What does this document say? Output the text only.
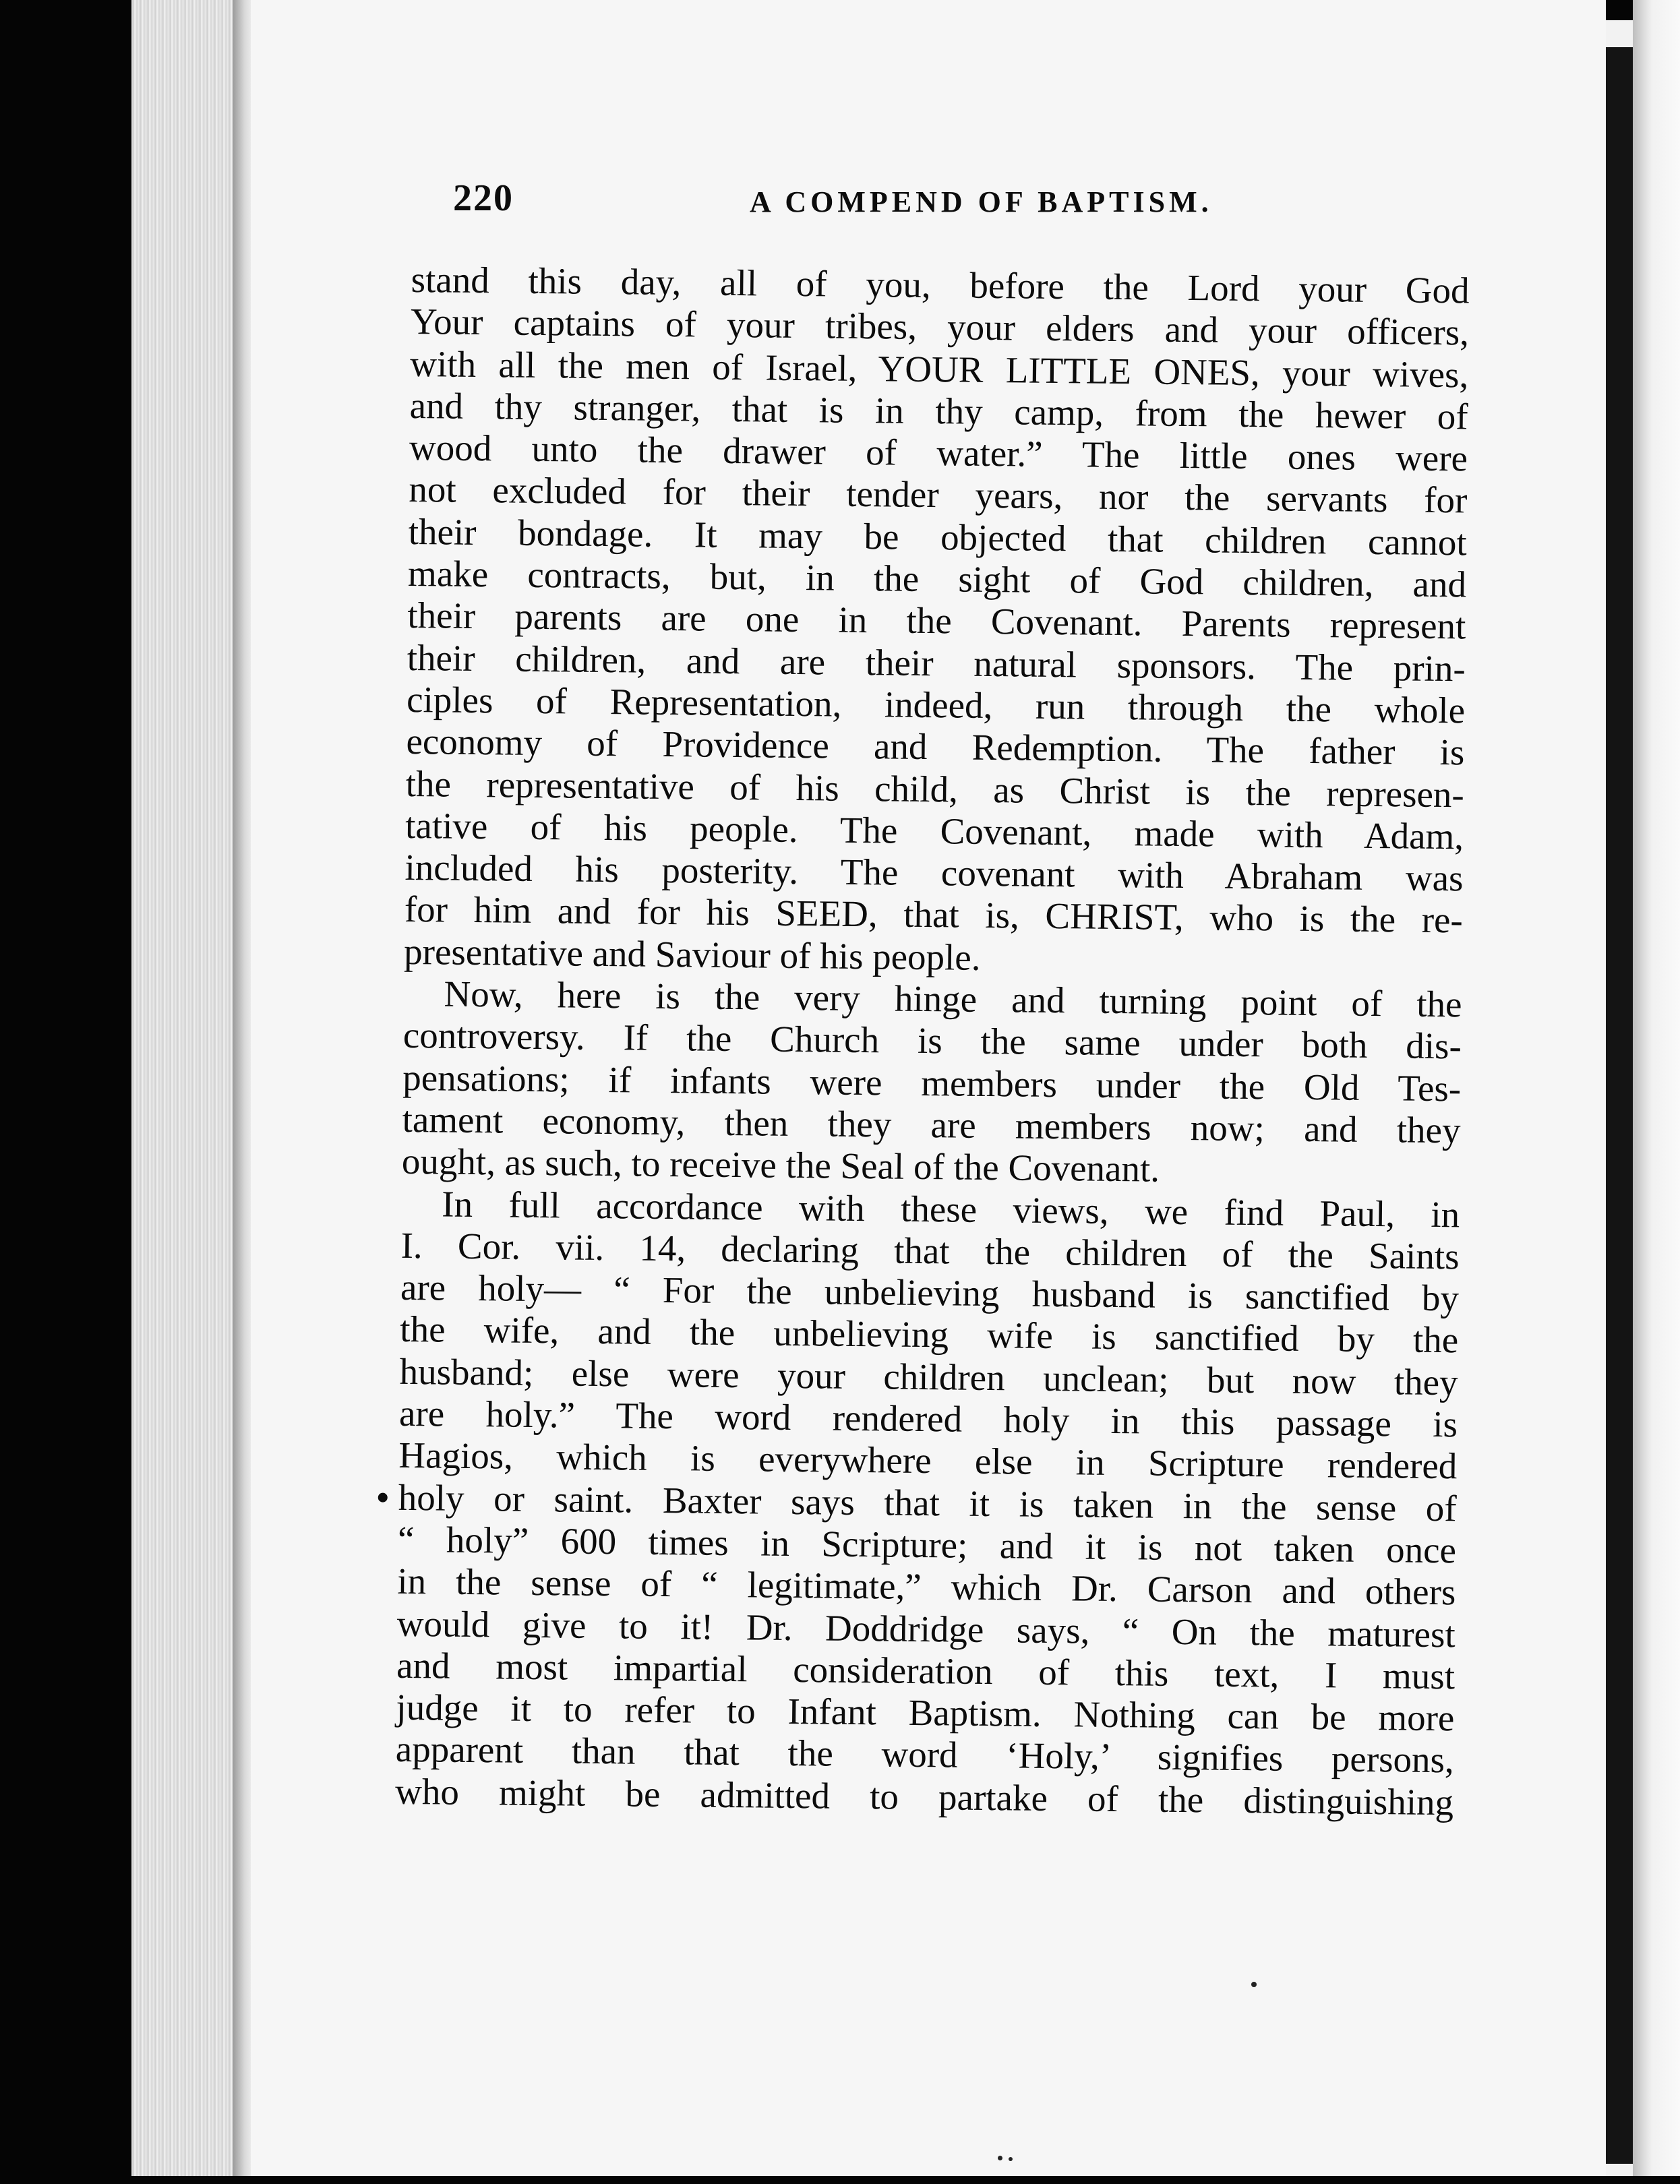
220	A COMPEND OF BAPTISM.
stand this day, all of you, before the Lord your God
Your captains of your tribes, your elders and your officers,
with all the men of Israel, YOUR LITTLE ONES, your wives,
and thy stranger, that is in thy camp, from the hewer of
wood unto the drawer of water.” The little ones were
not excluded for their tender years, nor the servants for
their bondage. It may be objected that children cannot
make contracts, but, in the sight of God children, and
their parents are one in the Covenant. Parents represent
their children, and are their natural sponsors. The prin-
ciples of Representation, indeed, run through the whole
economy of Providence and Redemption. The father is
the representative of his child, as Christ is the represen-
tative of his people. The Covenant, made with Adam,
included his posterity. The covenant with Abraham was
for him and for his SEED, that is, CHRIST, who is the re-
presentative and Saviour of his people.
Now, here is the very hinge and turning point of the
controversy. If the Church is the same under both dis-
pensations; if infants were members under the Old Tes-
tament economy, then they are members now; and they
ought, as such, to receive the Seal of the Covenant.
In full accordance with these views, we find Paul, in
I. Cor. vii. 14, declaring that the children of the Saints
are holy— “ For the unbelieving husband is sanctified by
the wife, and the unbelieving wife is sanctified by the
husband; else were your children unclean; but now they
are holy.” The word rendered holy in this passage is
Hagios, which is everywhere else in Scripture rendered
holy or saint. Baxter says that it is taken in the sense of
“ holy” 600 times in Scripture; and it is not taken once
in the sense of “ legitimate,” which Dr. Carson and others
would give to it! Dr. Doddridge says, “ On the maturest
and most impartial consideration of this text, I must
judge it to refer to Infant Baptism. Nothing can be more
apparent than that the word ‘Holy,’ signifies persons,
who might be admitted to partake of the distinguishing
